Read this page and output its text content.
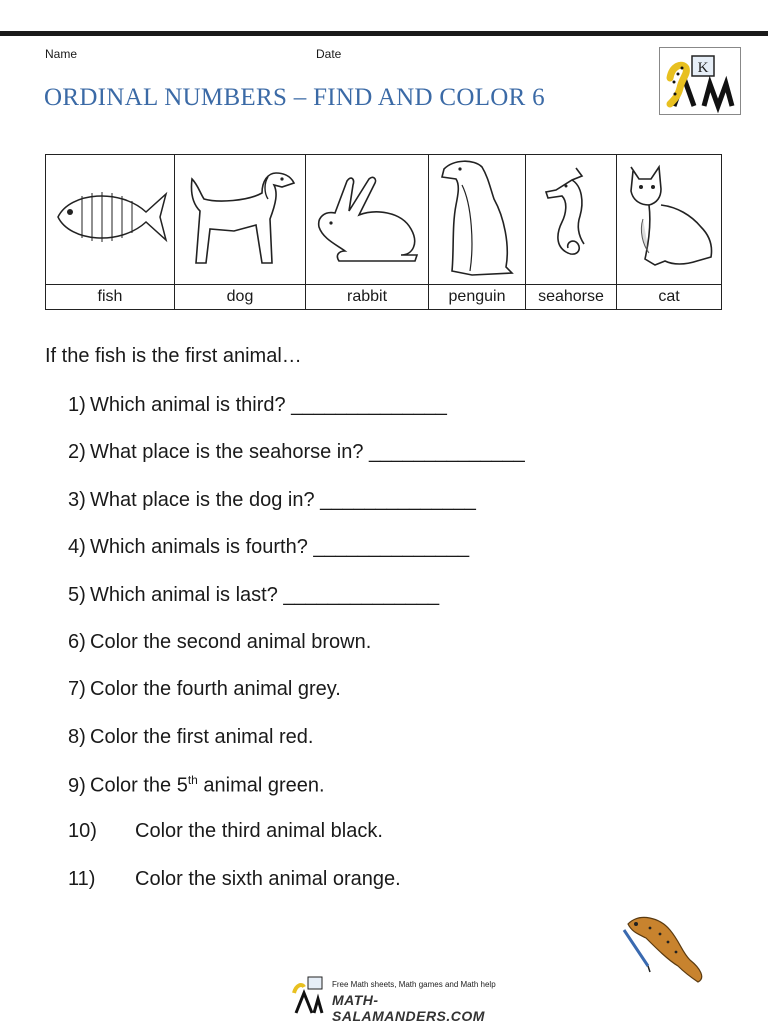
Name	Date
ORDINAL NUMBERS – FIND AND COLOR 6
K

fish	dog	rabbit	penguin	seahorse	cat
If the fish is the first animal…
1) Which animal is third? ______________
2) What place is the seahorse in? ______________
3) What place is the dog in? ______________
4) Which animals is fourth? ______________
5) Which animal is last? ______________
6) Color the second animal brown.
7) Color the fourth animal grey.
8) Color the first animal red.
9) Color the 5th animal green.
10) Color the third animal black.
11) Color the sixth animal orange.
Free Math sheets, Math games and Math help
MATH-SALAMANDERS.COM
